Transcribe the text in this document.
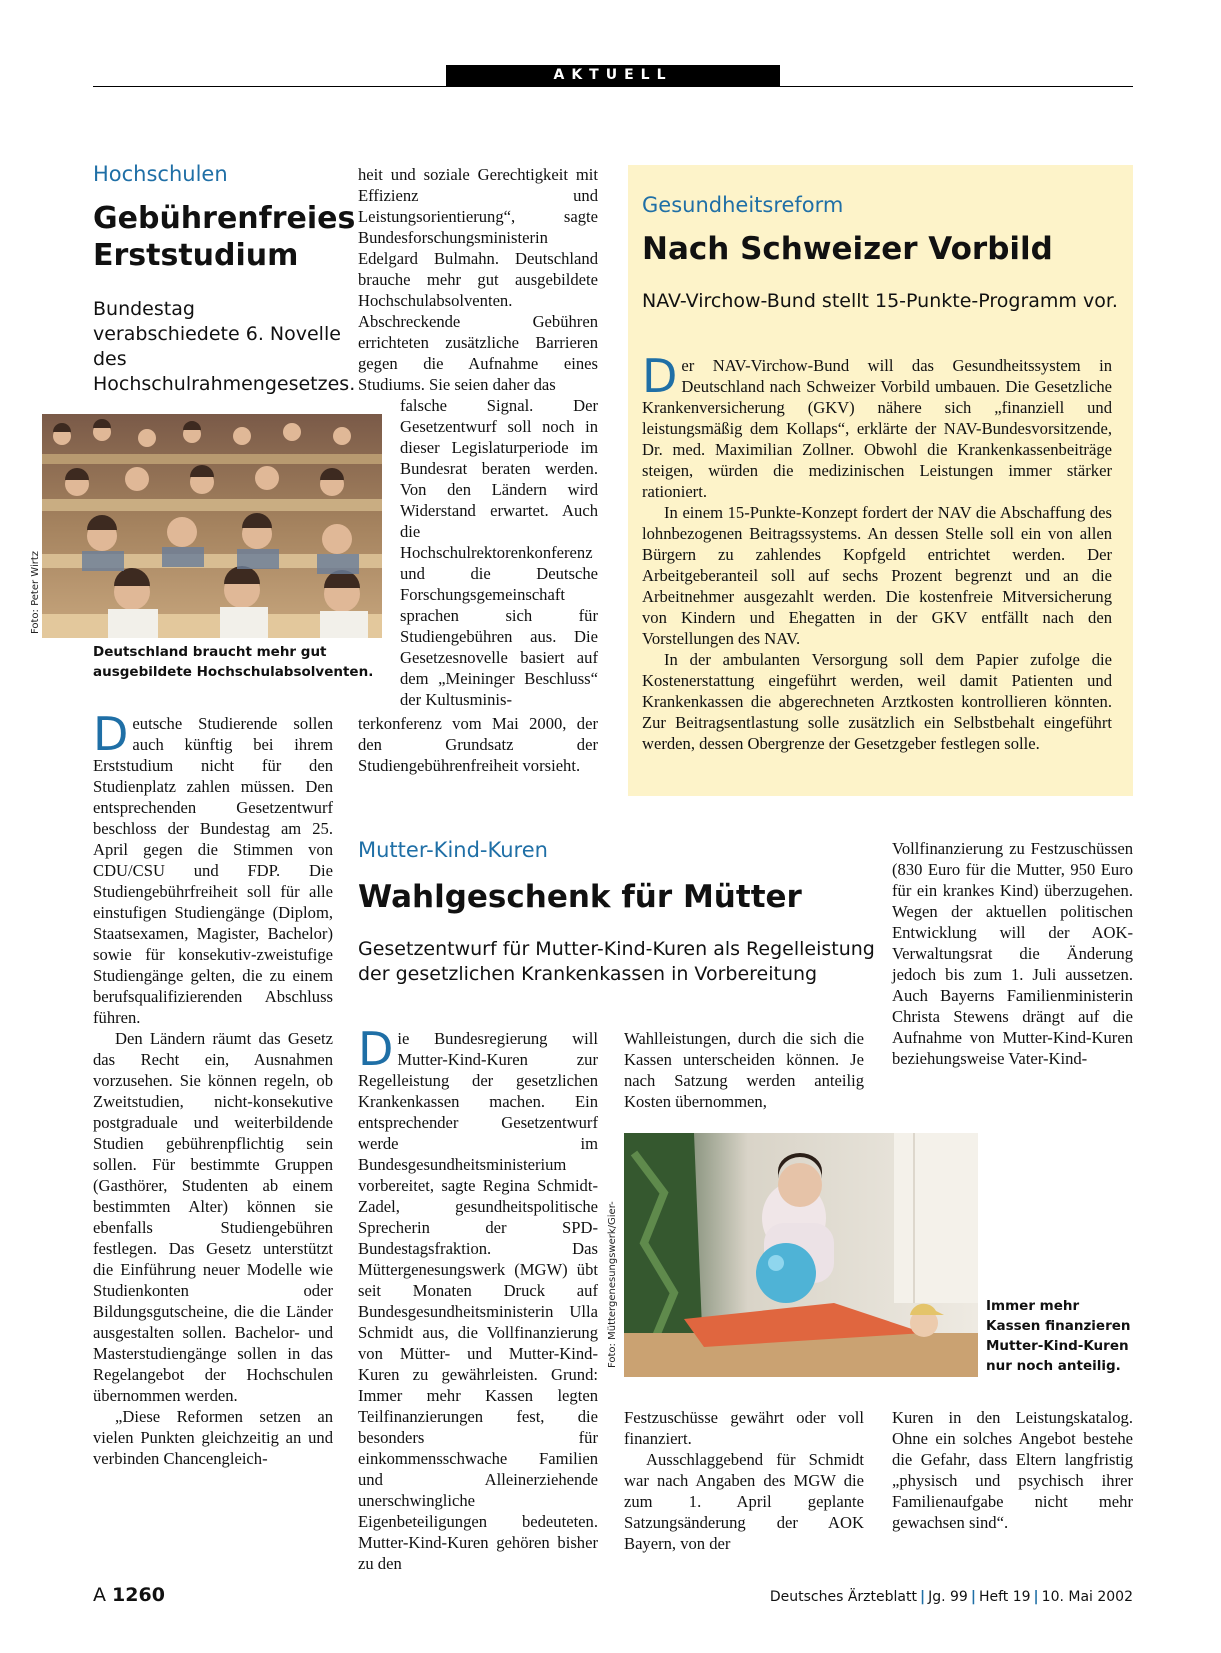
AKTUELL
Hochschulen
Gebührenfreies
Erststudium
Bundestag verabschiedete 6. Novelle des Hochschulrahmengesetzes.
Foto: Peter Wirtz
Deutschland braucht mehr gut ausgebildete Hochschulabsolventen.

D eutsche Studierende sollen auch künftig bei ihrem Erststudium nicht für den Studienplatz zahlen müssen. Den entsprechenden Gesetzentwurf beschloss der Bundestag am 25. April gegen die Stimmen von CDU/CSU und FDP. Die Studiengebührfreiheit soll für alle einstufigen Studiengänge (Diplom, Staatsexamen, Magister, Bachelor) sowie für konsekutiv-zweistufige Studiengänge gelten, die zu einem berufsqualifizierenden Abschluss führen.

Den Ländern räumt das Gesetz das Recht ein, Ausnahmen vorzusehen. Sie können regeln, ob Zweitstudien, nicht-konsekutive postgraduale und weiterbildende Studien gebührenpflichtig sein sollen. Für bestimmte Gruppen (Gasthörer, Studenten ab einem bestimmten Alter) können sie ebenfalls Studiengebühren festlegen. Das Gesetz unterstützt die Einführung neuer Modelle wie Studienkonten oder Bildungsgutscheine, die die Länder ausgestalten sollen. Bachelor- und Masterstudiengänge sollen in das Regelangebot der Hochschulen übernommen werden.

„Diese Reformen setzen an vielen Punkten gleichzeitig an und verbinden Chancengleich-

heit und soziale Gerechtigkeit mit Effizienz und Leistungsorientierung“, sagte Bundesforschungsministerin Edelgard Bulmahn. Deutschland brauche mehr gut ausgebildete Hochschulabsolventen. Abschreckende Gebühren errichteten zusätzliche Barrieren gegen die Aufnahme eines Studiums. Sie seien daher das
falsche Signal. Der Gesetzentwurf soll noch in dieser Legislaturperiode im Bundesrat beraten werden. Von den Ländern wird Widerstand erwartet. Auch die Hochschulrektorenkonferenz und die Deutsche Forschungsgemeinschaft sprachen sich für Studiengebühren aus. Die Gesetzesnovelle basiert auf dem „Meininger Beschluss“ der Kultusminis-
terkonferenz vom Mai 2000, der den Grundsatz der Studiengebührenfreiheit vorsieht.
Gesundheitsreform
Nach Schweizer Vorbild
NAV-Virchow-Bund stellt 15-Punkte-Programm vor.

D er NAV-Virchow-Bund will das Gesundheitssystem in Deutschland nach Schweizer Vorbild umbauen. Die Gesetzliche Krankenversicherung (GKV) nähere sich „finanziell und leistungsmäßig dem Kollaps“, erklärte der NAV-Bundesvorsitzende, Dr. med. Maximilian Zollner. Obwohl die Krankenkassenbeiträge steigen, würden die medizinischen Leistungen immer stärker rationiert.

In einem 15-Punkte-Konzept fordert der NAV die Abschaffung des lohnbezogenen Beitragssystems. An dessen Stelle soll ein von allen Bürgern zu zahlendes Kopfgeld entrichtet werden. Der Arbeitgeberanteil soll auf sechs Prozent begrenzt und an die Arbeitnehmer ausgezahlt werden. Die kostenfreie Mitversicherung von Kindern und Ehegatten in der GKV entfällt nach den Vorstellungen des NAV.

In der ambulanten Versorgung soll dem Papier zufolge die Kostenerstattung eingeführt werden, weil damit Patienten und Krankenkassen die abgerechneten Arztkosten kontrollieren könnten. Zur Beitragsentlastung solle zusätzlich ein Selbstbehalt eingeführt werden, dessen Obergrenze der Gesetzgeber festlegen solle.

Mutter-Kind-Kuren
Wahlgeschenk für Mütter
Gesetzentwurf für Mutter-Kind-Kuren als Regelleistung
der gesetzlichen Krankenkassen in Vorbereitung

D ie Bundesregierung will Mutter-Kind-Kuren zur Regelleistung der gesetzlichen Krankenkassen machen. Ein entsprechender Gesetzentwurf werde im Bundesgesundheitsministerium vorbereitet, sagte Regina Schmidt-Zadel, gesundheitspolitische Sprecherin der SPD-Bundestagsfraktion. Das Müttergenesungswerk (MGW) übt seit Monaten Druck auf Bundesgesundheitsministerin Ulla Schmidt aus, die Vollfinanzierung von Mütter- und Mutter-Kind-Kuren zu gewährleisten. Grund: Immer mehr Kassen legten Teilfinanzierungen fest, die besonders für einkommensschwache Familien und Alleinerziehende unerschwingliche Eigenbeteiligungen bedeuteten. Mutter-Kind-Kuren gehören bisher zu den

Wahlleistungen, durch die sich die Kassen unterscheiden können. Je nach Satzung werden anteilig Kosten übernommen,
Foto: Müttergenesungswerk/Gier-	Immer mehr Kassen finanzieren Mutter-Kind-Kuren nur noch anteilig.

Festzuschüsse gewährt oder voll finanziert.

Ausschlaggebend für Schmidt war nach Angaben des MGW die zum 1. April geplante Satzungsänderung der AOK Bayern, von der

Vollfinanzierung zu Festzuschüssen (830 Euro für die Mutter, 950 Euro für ein krankes Kind) überzugehen. Wegen der aktuellen politischen Entwicklung will der AOK-Verwaltungsrat die Änderung jedoch bis zum 1. Juli aussetzen. Auch Bayerns Familienministerin Christa Stewens drängt auf die Aufnahme von Mutter-Kind-Kuren beziehungsweise Vater-Kind-
Kuren in den Leistungskatalog. Ohne ein solches Angebot bestehe die Gefahr, dass Eltern langfristig „physisch und psychisch ihrer Familienaufgabe nicht mehr gewachsen sind“.
A 1260	Deutsches Ärzteblatt | Jg. 99 | Heft 19 | 10. Mai 2002
